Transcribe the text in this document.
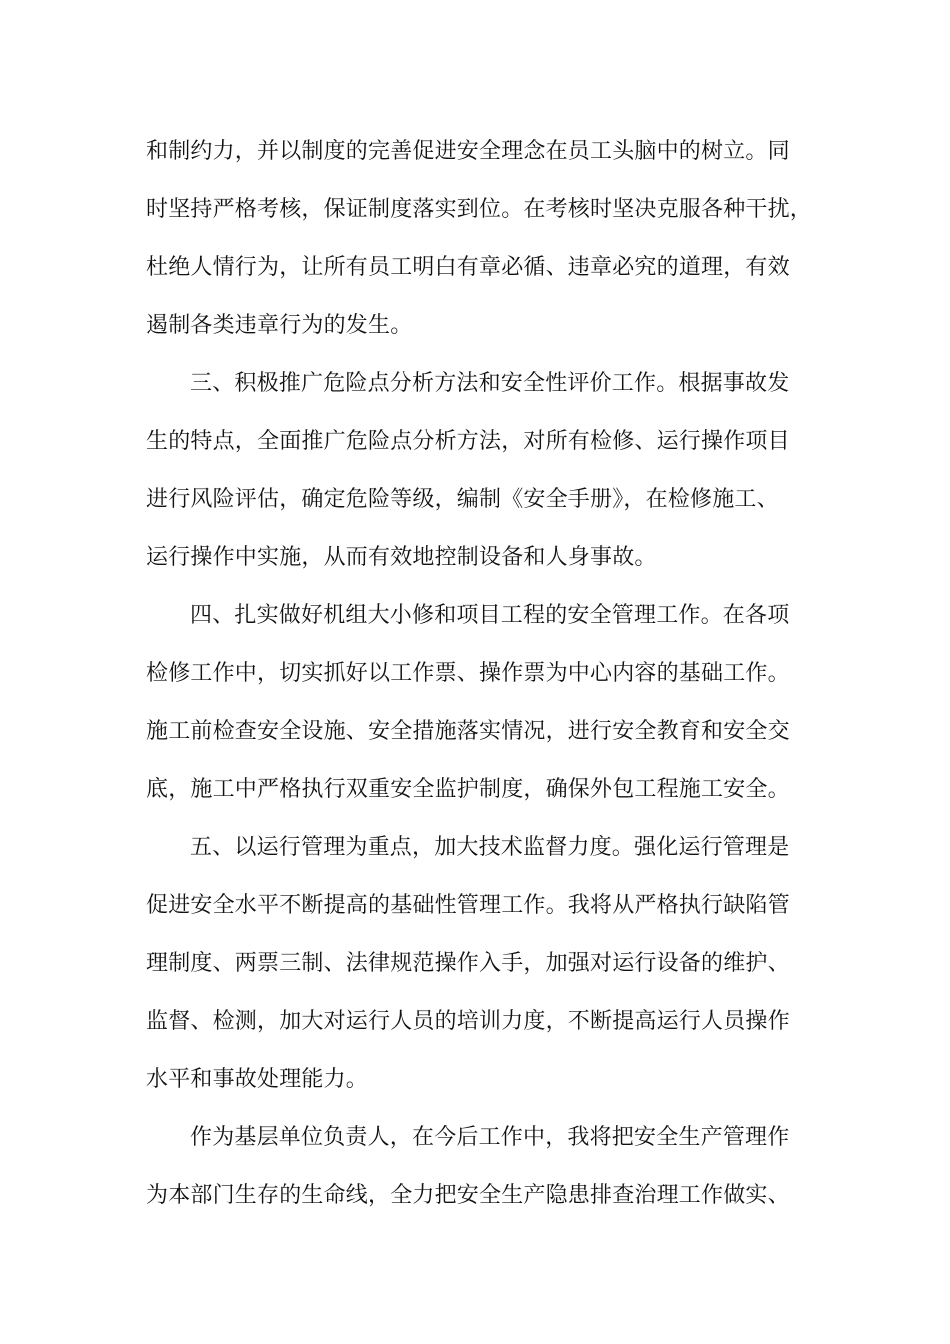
和制约力，并以制度的完善促进安全理念在员工头脑中的树立。同
时坚持严格考核，保证制度落实到位。在考核时坚决克服各种干扰，
杜绝人情行为，让所有员工明白有章必循、违章必究的道理，有效
遏制各类违章行为的发生。
三、积极推广危险点分析方法和安全性评价工作。根据事故发
生的特点，全面推广危险点分析方法，对所有检修、运行操作项目
进行风险评估，确定危险等级，编制《安全手册》，在检修施工、
运行操作中实施，从而有效地控制设备和人身事故。
四、扎实做好机组大小修和项目工程的安全管理工作。在各项
检修工作中，切实抓好以工作票、操作票为中心内容的基础工作。
施工前检查安全设施、安全措施落实情况，进行安全教育和安全交
底，施工中严格执行双重安全监护制度，确保外包工程施工安全。
五、以运行管理为重点，加大技术监督力度。强化运行管理是
促进安全水平不断提高的基础性管理工作。我将从严格执行缺陷管
理制度、两票三制、法律规范操作入手，加强对运行设备的维护、
监督、检测，加大对运行人员的培训力度，不断提高运行人员操作
水平和事故处理能力。
作为基层单位负责人，在今后工作中，我将把安全生产管理作
为本部门生存的生命线，全力把安全生产隐患排查治理工作做实、
